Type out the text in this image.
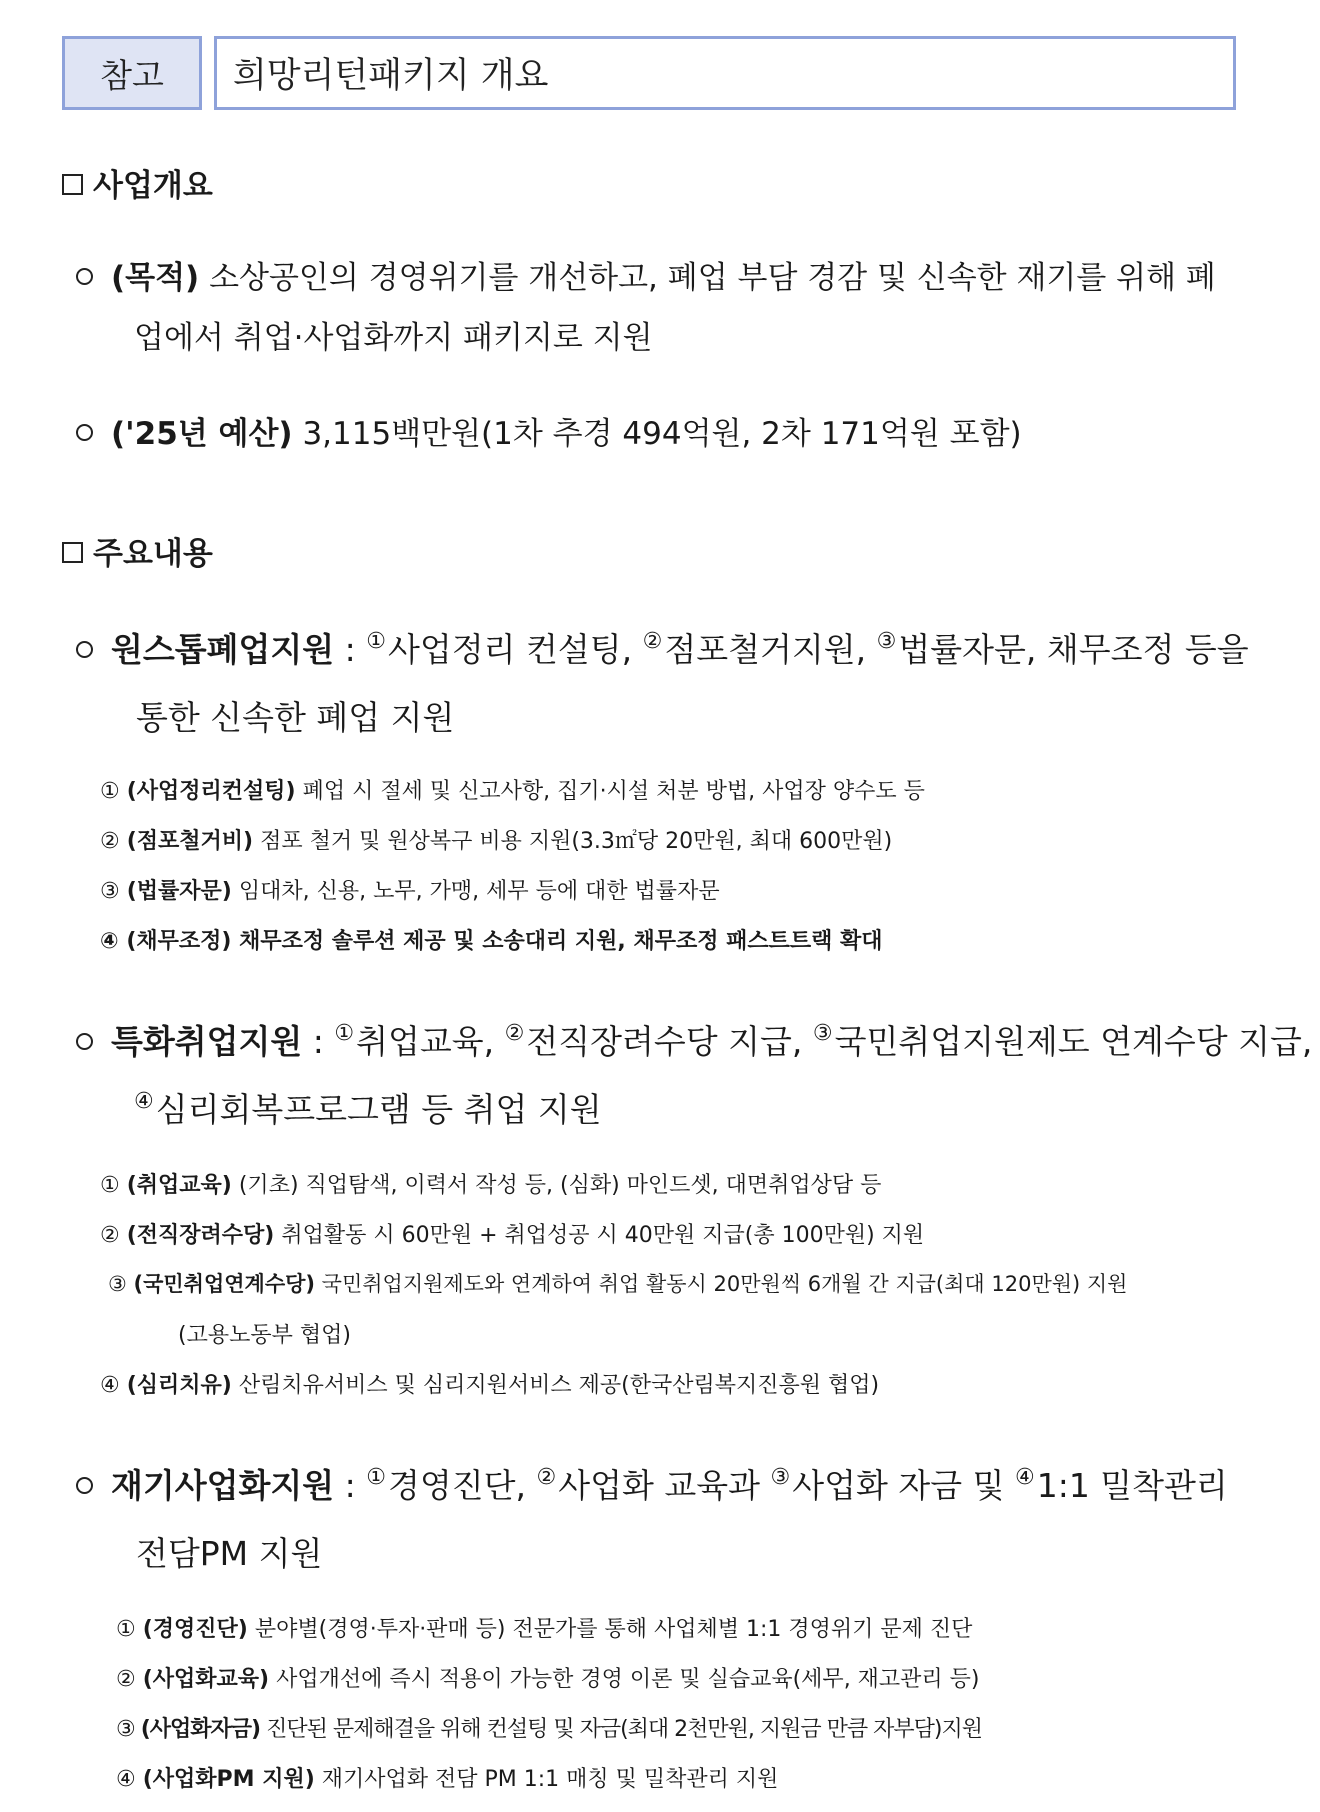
참고 희망리턴패키지 개요
사업개요
(목적) 소상공인의 경영위기를 개선하고, 폐업 부담 경감 및 신속한 재기를 위해 폐
업에서 취업·사업화까지 패키지로 지원
('25년 예산) 3,115백만원(1차 추경 494억원, 2차 171억원 포함)
주요내용
원스톱폐업지원 : ①사업정리 컨설팅, ②점포철거지원, ③법률자문, 채무조정 등을
통한 신속한 폐업 지원
① (사업정리컨설팅) 폐업 시 절세 및 신고사항, 집기·시설 처분 방법, 사업장 양수도 등
② (점포철거비) 점포 철거 및 원상복구 비용 지원(3.3㎡당 20만원, 최대 600만원)
③ (법률자문) 임대차, 신용, 노무, 가맹, 세무 등에 대한 법률자문
④ (채무조정) 채무조정 솔루션 제공 및 소송대리 지원, 채무조정 패스트트랙 확대
특화취업지원 : ①취업교육, ②전직장려수당 지급, ③국민취업지원제도 연계수당 지급,
④심리회복프로그램 등 취업 지원
① (취업교육) (기초) 직업탐색, 이력서 작성 등, (심화) 마인드셋, 대면취업상담 등
② (전직장려수당) 취업활동 시 60만원 + 취업성공 시 40만원 지급(총 100만원) 지원
③ (국민취업연계수당) 국민취업지원제도와 연계하여 취업 활동시 20만원씩 6개월 간 지급(최대 120만원) 지원
(고용노동부 협업)
④ (심리치유) 산림치유서비스 및 심리지원서비스 제공(한국산림복지진흥원 협업)
재기사업화지원 : ①경영진단, ②사업화 교육과 ③사업화 자금 및 ④1:1 밀착관리
전담PM 지원
① (경영진단) 분야별(경영·투자·판매 등) 전문가를 통해 사업체별 1:1 경영위기 문제 진단
② (사업화교육) 사업개선에 즉시 적용이 가능한 경영 이론 및 실습교육(세무, 재고관리 등)
③ (사업화자금) 진단된 문제해결을 위해 컨설팅 및 자금(최대 2천만원, 지원금 만큼 자부담)지원
④ (사업화PM 지원) 재기사업화 전담 PM 1:1 매칭 및 밀착관리 지원
